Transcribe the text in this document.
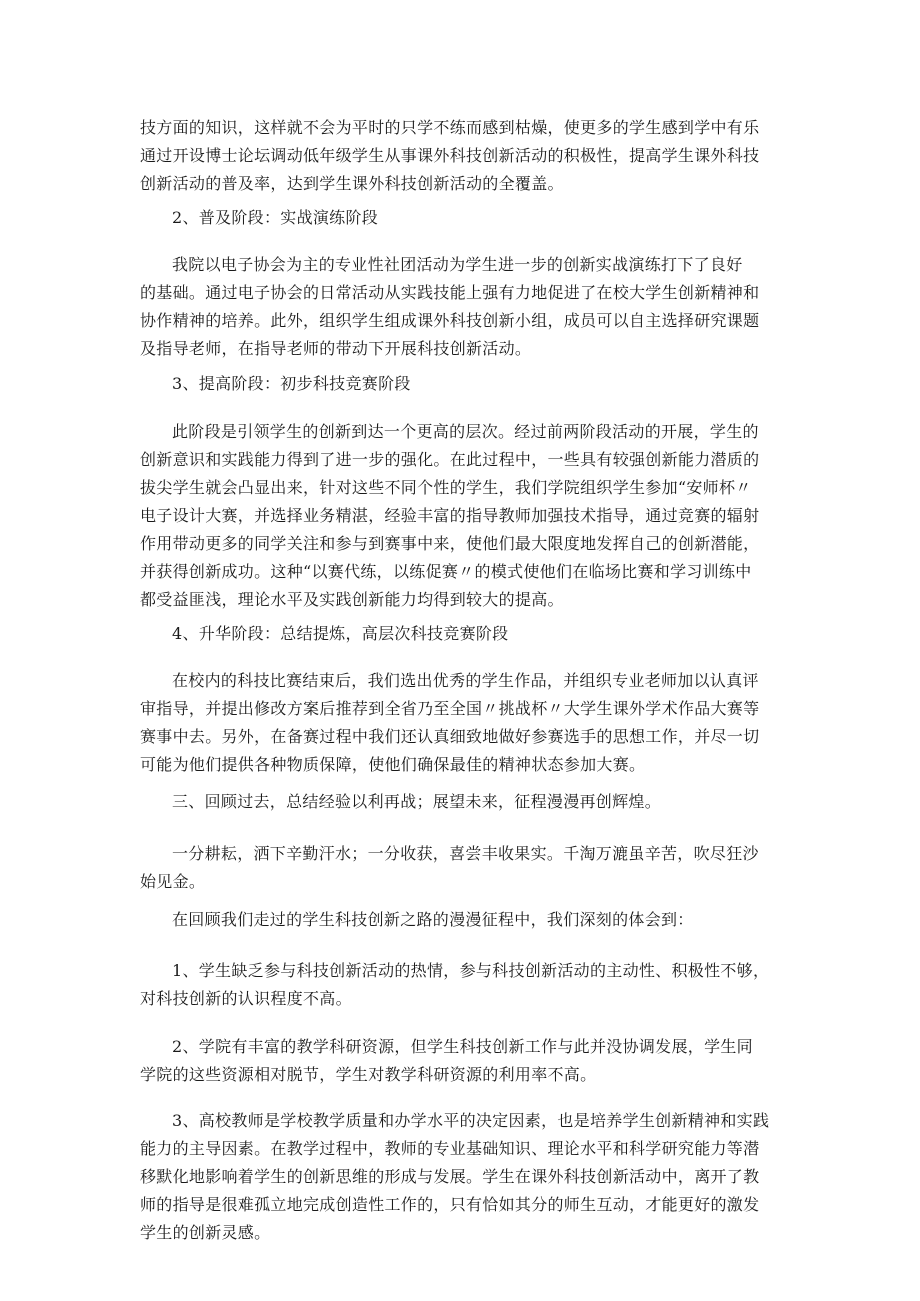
技方面的知识，这样就不会为平时的只学不练而感到枯燥，使更多的学生感到学中有乐
通过开设博士论坛调动低年级学生从事课外科技创新活动的积极性，提高学生课外科技
创新活动的普及率，达到学生课外科技创新活动的全覆盖。

2、普及阶段：实战演练阶段

我院以电子协会为主的专业性社团活动为学生进一步的创新实战演练打下了良好
的基础。通过电子协会的日常活动从实践技能上强有力地促进了在校大学生创新精神和
协作精神的培养。此外，组织学生组成课外科技创新小组，成员可以自主选择研究课题
及指导老师，在指导老师的带动下开展科技创新活动。

3、提高阶段：初步科技竞赛阶段

此阶段是引领学生的创新到达一个更高的层次。经过前两阶段活动的开展，学生的
创新意识和实践能力得到了进一步的强化。在此过程中，一些具有较强创新能力潜质的
拔尖学生就会凸显出来，针对这些不同个性的学生，我们学院组织学生参加“安师杯〃
电子设计大赛，并选择业务精湛，经验丰富的指导教师加强技术指导，通过竞赛的辐射
作用带动更多的同学关注和参与到赛事中来，使他们最大限度地发挥自己的创新潜能，
并获得创新成功。这种“以赛代练，以练促赛〃的模式使他们在临场比赛和学习训练中
都受益匪浅，理论水平及实践创新能力均得到较大的提高。

4、升华阶段：总结提炼，高层次科技竞赛阶段

在校内的科技比赛结束后，我们选出优秀的学生作品，并组织专业老师加以认真评
审指导，并提出修改方案后推荐到全省乃至全国〃挑战杯〃大学生课外学术作品大赛等
赛事中去。另外，在备赛过程中我们还认真细致地做好参赛选手的思想工作，并尽一切
可能为他们提供各种物质保障，使他们确保最佳的精神状态参加大赛。

三、回顾过去，总结经验以利再战；展望未来，征程漫漫再创辉煌。

一分耕耘，洒下辛勤汗水；一分收获，喜尝丰收果实。千淘万漉虽辛苦，吹尽狂沙
始见金。

在回顾我们走过的学生科技创新之路的漫漫征程中，我们深刻的体会到：

1、学生缺乏参与科技创新活动的热情，参与科技创新活动的主动性、积极性不够，
对科技创新的认识程度不高。

2、学院有丰富的教学科研资源，但学生科技创新工作与此并没协调发展，学生同
学院的这些资源相对脱节，学生对教学科研资源的利用率不高。

3、高校教师是学校教学质量和办学水平的决定因素，也是培养学生创新精神和实践
能力的主导因素。在教学过程中，教师的专业基础知识、理论水平和科学研究能力等潜
移默化地影响着学生的创新思维的形成与发展。学生在课外科技创新活动中，离开了教
师的指导是很难孤立地完成创造性工作的，只有恰如其分的师生互动，才能更好的激发
学生的创新灵感。
